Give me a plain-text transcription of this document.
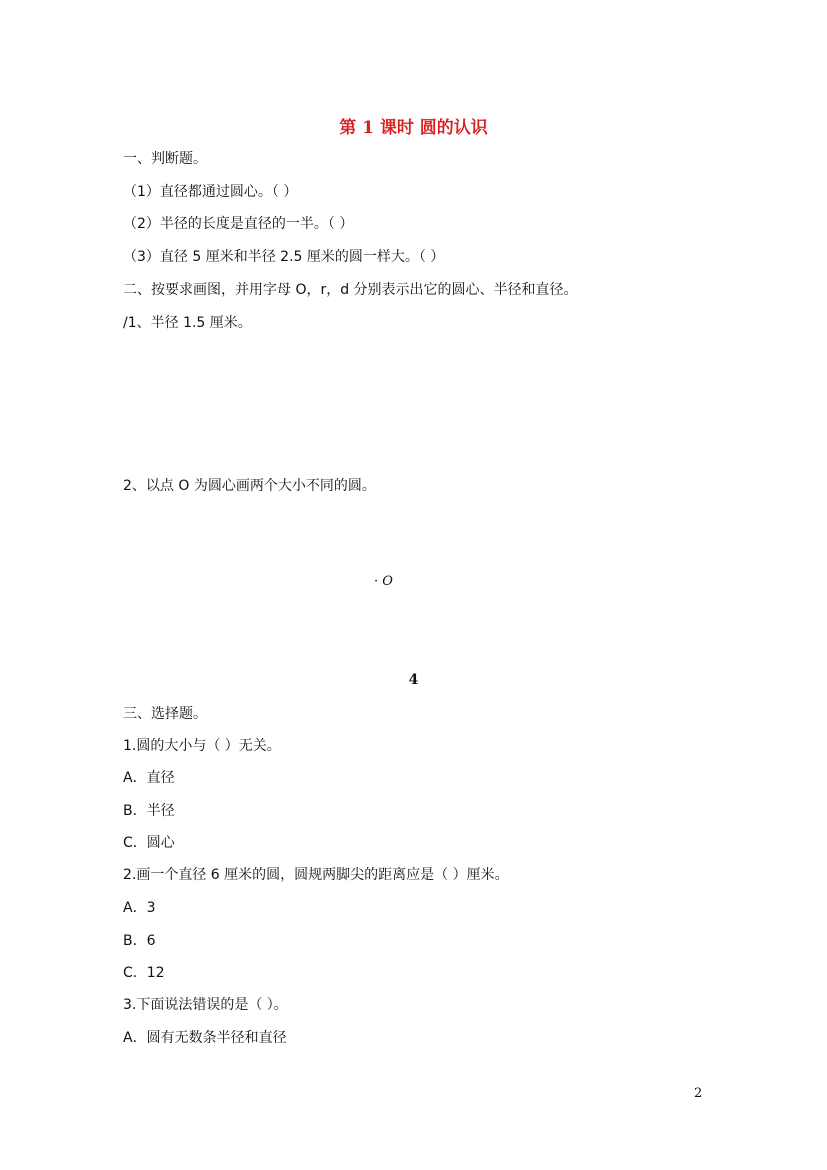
第 1 课时 圆的认识
一、判断题。
（1）直径都通过圆心。（ ）
（2）半径的长度是直径的一半。（ ）
（3）直径 5 厘米和半径 2.5 厘米的圆一样大。（ ）
二、按要求画图，并用字母 O，r，d 分别表示出它的圆心、半径和直径。
/1、半径 1.5 厘米。
2、以点 O 为圆心画两个大小不同的圆。
· O
4
三、选择题。
1.圆的大小与（ ）无关。
A．直径
B．半径
C．圆心
2.画一个直径 6 厘米的圆，圆规两脚尖的距离应是（ ）厘米。
A．3
B．6
C．12
3.下面说法错误的是（ ）。
A．圆有无数条半径和直径
2
